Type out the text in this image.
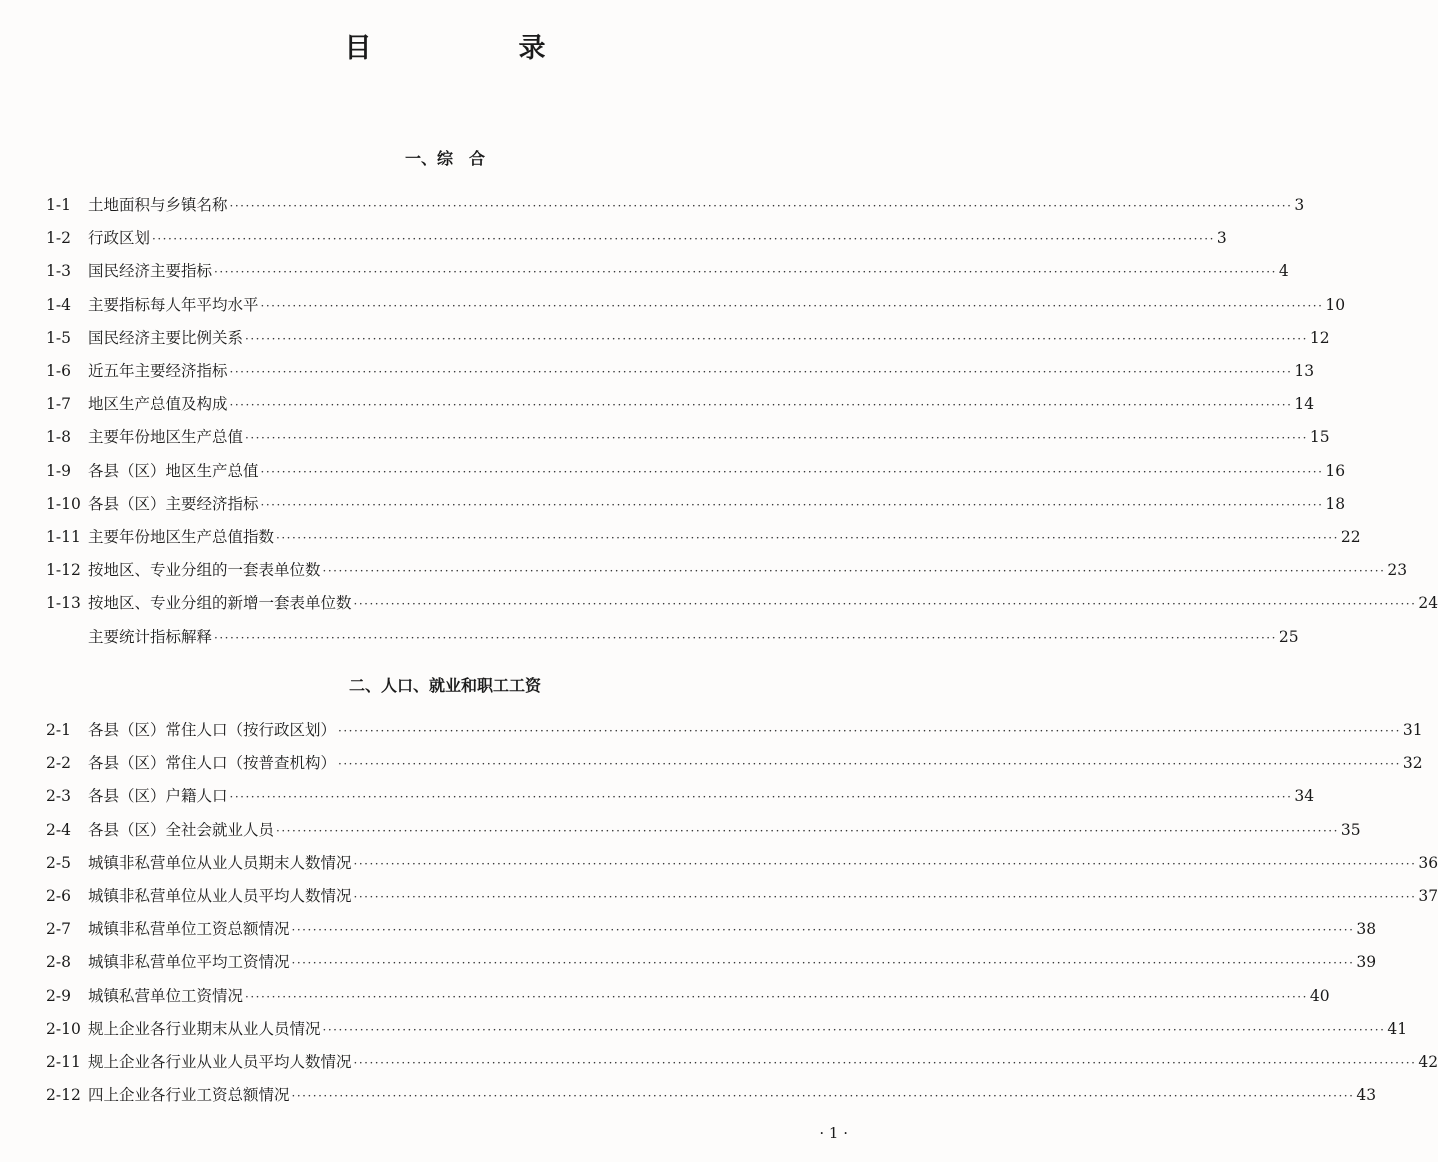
目　录
一、综　合
1-1	土地面积与乡镇名称 ········································································································································································································ 3
1-2	行政区划 ········································································································································································································ 3
1-3	国民经济主要指标 ········································································································································································································ 4
1-4	主要指标每人年平均水平 ········································································································································································································ 10
1-5	国民经济主要比例关系 ········································································································································································································ 12
1-6	近五年主要经济指标 ········································································································································································································ 13
1-7	地区生产总值及构成 ········································································································································································································ 14
1-8	主要年份地区生产总值 ········································································································································································································ 15
1-9	各县（区）地区生产总值 ········································································································································································································ 16
1-10 各县（区）主要经济指标 ········································································································································································································ 18
1-11 主要年份地区生产总值指数 ········································································································································································································ 22
1-12 按地区、专业分组的一套表单位数 ········································································································································································································ 23
1-13 按地区、专业分组的新增一套表单位数 ········································································································································································································ 24
主要统计指标解释 ········································································································································································································ 25
二、人口、就业和职工工资
2-1	各县（区）常住人口（按行政区划） ········································································································································································································ 31
2-2	各县（区）常住人口（按普查机构） ········································································································································································································ 32
2-3	各县（区）户籍人口 ········································································································································································································ 34
2-4	各县（区）全社会就业人员 ········································································································································································································ 35
2-5	城镇非私营单位从业人员期末人数情况 ········································································································································································································ 36
2-6	城镇非私营单位从业人员平均人数情况 ········································································································································································································ 37
2-7	城镇非私营单位工资总额情况 ········································································································································································································ 38
2-8	城镇非私营单位平均工资情况 ········································································································································································································ 39
2-9	城镇私营单位工资情况 ········································································································································································································ 40
2-10 规上企业各行业期末从业人员情况 ········································································································································································································ 41
2-11 规上企业各行业从业人员平均人数情况 ········································································································································································································ 42
2-12 四上企业各行业工资总额情况 ········································································································································································································ 43
· 1 ·
